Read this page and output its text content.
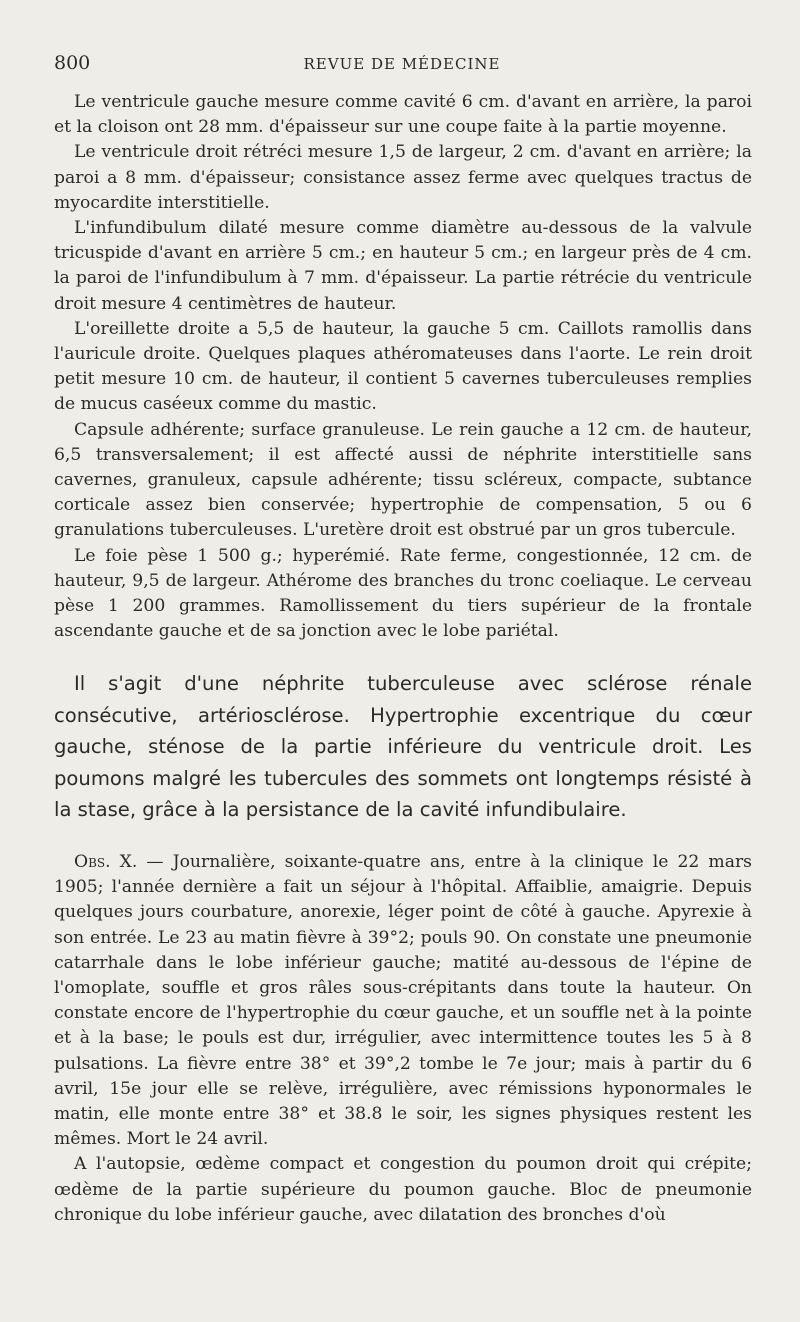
800	REVUE DE MÉDECINE

Le ventricule gauche mesure comme cavité 6 cm. d'avant en arrière, la paroi et la cloison ont 28 mm. d'épaisseur sur une coupe faite à la partie moyenne.

Le ventricule droit rétréci mesure 1,5 de largeur, 2 cm. d'avant en arrière; la paroi a 8 mm. d'épaisseur; consistance assez ferme avec quelques tractus de myocardite interstitielle.

L'infundibulum dilaté mesure comme diamètre au-dessous de la valvule tricuspide d'avant en arrière 5 cm.; en hauteur 5 cm.; en largeur près de 4 cm. la paroi de l'infundibulum à 7 mm. d'épaisseur. La partie rétrécie du ventricule droit mesure 4 centimètres de hauteur.

L'oreillette droite a 5,5 de hauteur, la gauche 5 cm. Caillots ramollis dans l'auricule droite. Quelques plaques athéromateuses dans l'aorte. Le rein droit petit mesure 10 cm. de hauteur, il contient 5 cavernes tuberculeuses remplies de mucus caséeux comme du mastic.

Capsule adhérente; surface granuleuse. Le rein gauche a 12 cm. de hauteur, 6,5 transversalement; il est affecté aussi de néphrite interstitielle sans cavernes, granuleux, capsule adhérente; tissu scléreux, compacte, subtance corticale assez bien conservée; hypertrophie de compensation, 5 ou 6 granulations tuberculeuses. L'uretère droit est obstrué par un gros tubercule.

Le foie pèse 1 500 g.; hyperémié. Rate ferme, congestionnée, 12 cm. de hauteur, 9,5 de largeur. Athérome des branches du tronc coeliaque. Le cerveau pèse 1 200 grammes. Ramollissement du tiers supérieur de la frontale ascendante gauche et de sa jonction avec le lobe pariétal.

Il s'agit d'une néphrite tuberculeuse avec sclérose rénale consécutive, artériosclérose. Hypertrophie excentrique du cœur gauche, sténose de la partie inférieure du ventricule droit. Les poumons malgré les tubercules des sommets ont longtemps résisté à la stase, grâce à la persistance de la cavité infundibulaire.

Obs. X. — Journalière, soixante-quatre ans, entre à la clinique le 22 mars 1905; l'année dernière a fait un séjour à l'hôpital. Affaiblie, amaigrie. Depuis quelques jours courbature, anorexie, léger point de côté à gauche. Apyrexie à son entrée. Le 23 au matin fièvre à 39°2; pouls 90. On constate une pneumonie catarrhale dans le lobe inférieur gauche; matité au-dessous de l'épine de l'omoplate, souffle et gros râles sous-crépitants dans toute la hauteur. On constate encore de l'hypertrophie du cœur gauche, et un souffle net à la pointe et à la base; le pouls est dur, irrégulier, avec intermittence toutes les 5 à 8 pulsations. La fièvre entre 38° et 39°,2 tombe le 7e jour; mais à partir du 6 avril, 15e jour elle se relève, irrégulière, avec rémissions hyponormales le matin, elle monte entre 38° et 38.8 le soir, les signes physiques restent les mêmes. Mort le 24 avril.

A l'autopsie, œdème compact et congestion du poumon droit qui crépite; œdème de la partie supérieure du poumon gauche. Bloc de pneumonie chronique du lobe inférieur gauche, avec dilatation des bronches d'où
